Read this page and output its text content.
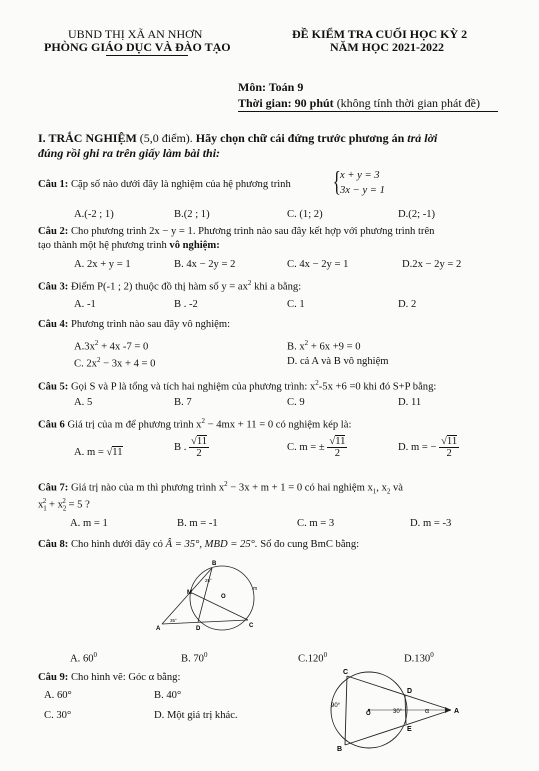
UBND THỊ XÃ AN NHƠN
PHÒNG GIÁO DỤC VÀ ĐÀO TẠO
ĐỀ KIỂM TRA CUỐI HỌC KỲ 2
NĂM HỌC 2021-2022
Môn: Toán 9
Thời gian: 90 phút (không tính thời gian phát đề)
I. TRẮC NGHIỆM (5,0 điểm). Hãy chọn chữ cái đứng trước phương án trả lời
đúng rồi ghi ra trên giấy làm bài thi:
Câu 1: Cặp số nào dưới đây là nghiệm của hệ phương trình { x + y = 3
3x − y = 1
A.(-2 ; 1)	B.(2 ; 1)	C. (1; 2)	D.(2; -1)
Câu 2: Cho phương trình 2x − y = 1. Phương trình nào sau đây kết hợp với phương trình trên
tạo thành một hệ phương trình vô nghiệm:
A. 2x + y = 1	B. 4x − 2y = 2	C. 4x − 2y = 1	D.2x − 2y = 2
Câu 3: Điểm P(-1 ; 2) thuộc đồ thị hàm số $y = ax^2$ khi a bằng:
A. -1	B . -2	C. 1	D. 2
Câu 4: Phương trình nào sau đây vô nghiệm:
$A.3x^2 + 4x$ -7 = 0	B. $x^2 + 6x +9 = 0$
C. $2x^2 - 3x + 4 = 0$	D. cả A và B vô nghiệm
Câu 5: Gọi S và P là tổng và tích hai nghiệm của phương trình: $x^2-5x +6 =0$ khi đó S+P bằng:
A. 5	B. 7	C. 9	D. 11
Câu 6 Giá trị của m để phương trình $x^2 - 4mx + 11 = 0$ có nghiệm kép là:
A. m = √11	B . $\frac{√11}{2}$	C. m = ± $\frac{√11}{2}$	D. m = − $\frac{√11}{2}$
Câu 7: Giá trị nào của m thì phương trình $x^2 - 3x + m + 1 = 0$ có hai nghiệm $x_1$, $x_2$ và
$x_1^2 + x_2^2 = 5$ ?
A. m = 1	B. m = -1	C. m = 3	D. m = -3
Câu 8: Cho hình dưới đây có Â = 35°, MBD = 25°. Số đo cung BmC bằng:
B
M
O
A	D	C
m
35°
25°
A. $60^0$	B. $70^0$	C.120$^0$	D.130$^0$
Câu 9: Cho hình vẽ: Góc α bằng:
A. 60°	B. 40°
C. 30°	D. Một giá trị khác.
C
D
O	A
E
B
90°
30°	α
